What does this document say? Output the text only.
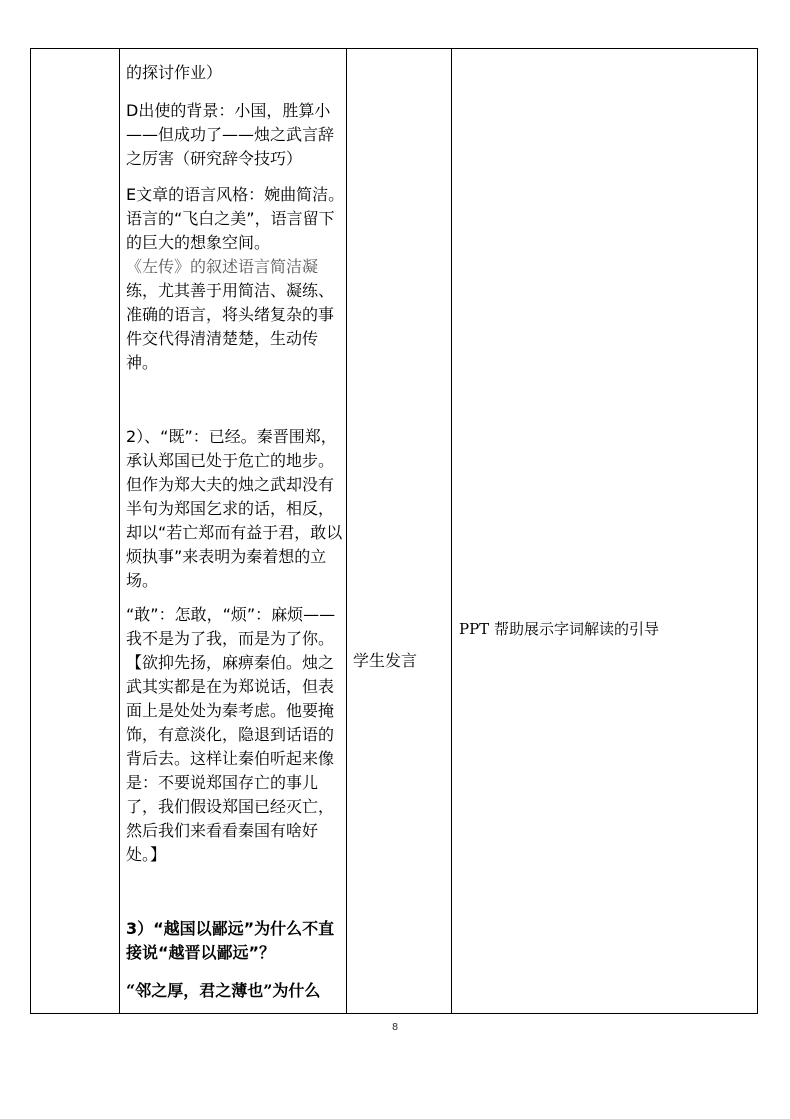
的探讨作业）
D出使的背景：小国，胜算小——但成功了——烛之武言辞之厉害（研究辞令技巧）
E文章的语言风格：婉曲简洁。语言的“飞白之美”，语言留下的巨大的想象空间。
《左传》的叙述语言简洁凝
练，尤其善于用简洁、凝练、准确的语言，将头绪复杂的事件交代得清清楚楚，生动传神。
2）、“既”：已经。秦晋围郑，承认郑国已处于危亡的地步。但作为郑大夫的烛之武却没有半句为郑国乞求的话，相反，却以“若亡郑而有益于君，敢以烦执事”来表明为秦着想的立场。
“敢”：怎敢，“烦”：麻烦——我不是为了我，而是为了你。【欲抑先扬，麻痹秦伯。烛之武其实都是在为郑说话，但表面上是处处为秦考虑。他要掩饰，有意淡化，隐退到话语的背后去。这样让秦伯听起来像是：不要说郑国存亡的事儿了，我们假设郑国已经灭亡，然后我们来看看秦国有啥好处。】
3）“越国以鄙远”为什么不直接说“越晋以鄙远”？
“邻之厚，君之薄也”为什么
学生发言
PPT 帮助展示字词解读的引导
8
